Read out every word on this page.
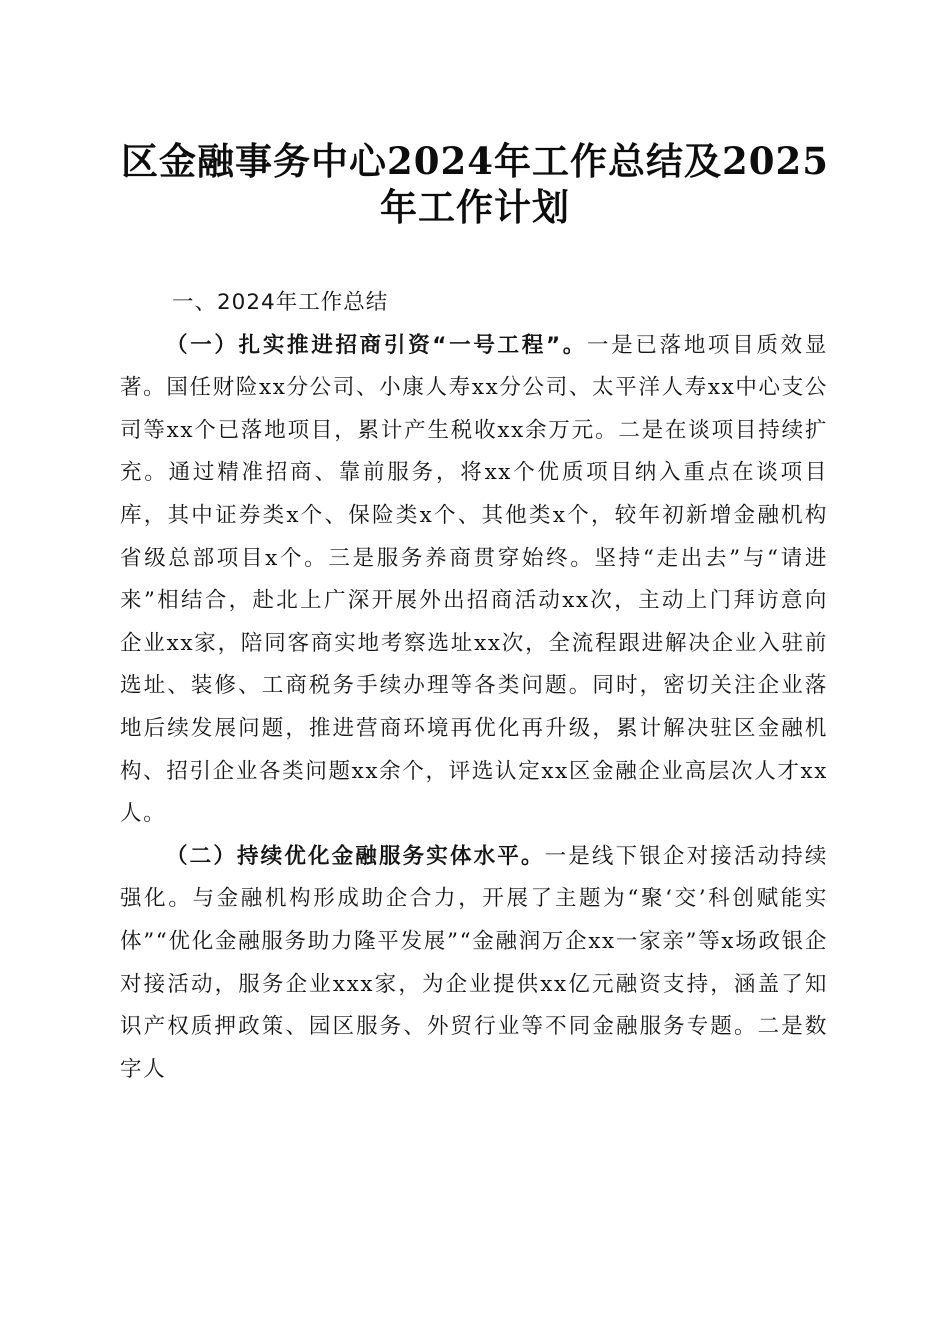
区金融事务中心2024年工作总结及2025年工作计划
一、2024年工作总结

（一）扎实推进招商引资“一号工程”。一是已落地项目质效显著。国任财险xx分公司、小康人寿xx分公司、太平洋人寿xx中心支公司等xx个已落地项目，累计产生税收xx余万元。二是在谈项目持续扩充。通过精准招商、靠前服务，将xx个优质项目纳入重点在谈项目库，其中证券类x个、保险类x个、其他类x个，较年初新增金融机构省级总部项目x个。三是服务养商贯穿始终。坚持“走出去”与“请进来”相结合，赴北上广深开展外出招商活动xx次，主动上门拜访意向企业xx家，陪同客商实地考察选址xx次，全流程跟进解决企业入驻前选址、装修、工商税务手续办理等各类问题。同时，密切关注企业落地后续发展问题，推进营商环境再优化再升级，累计解决驻区金融机构、招引企业各类问题xx余个，评选认定xx区金融企业高层次人才xx人。

（二）持续优化金融服务实体水平。一是线下银企对接活动持续强化。与金融机构形成助企合力，开展了主题为“聚‘交’科创赋能实体”“优化金融服务助力隆平发展”“金融润万企xx一家亲”等x场政银企对接活动，服务企业xxx家，为企业提供xx亿元融资支持，涵盖了知识产权质押政策、园区服务、外贸行业等不同金融服务专题。二是数字人
